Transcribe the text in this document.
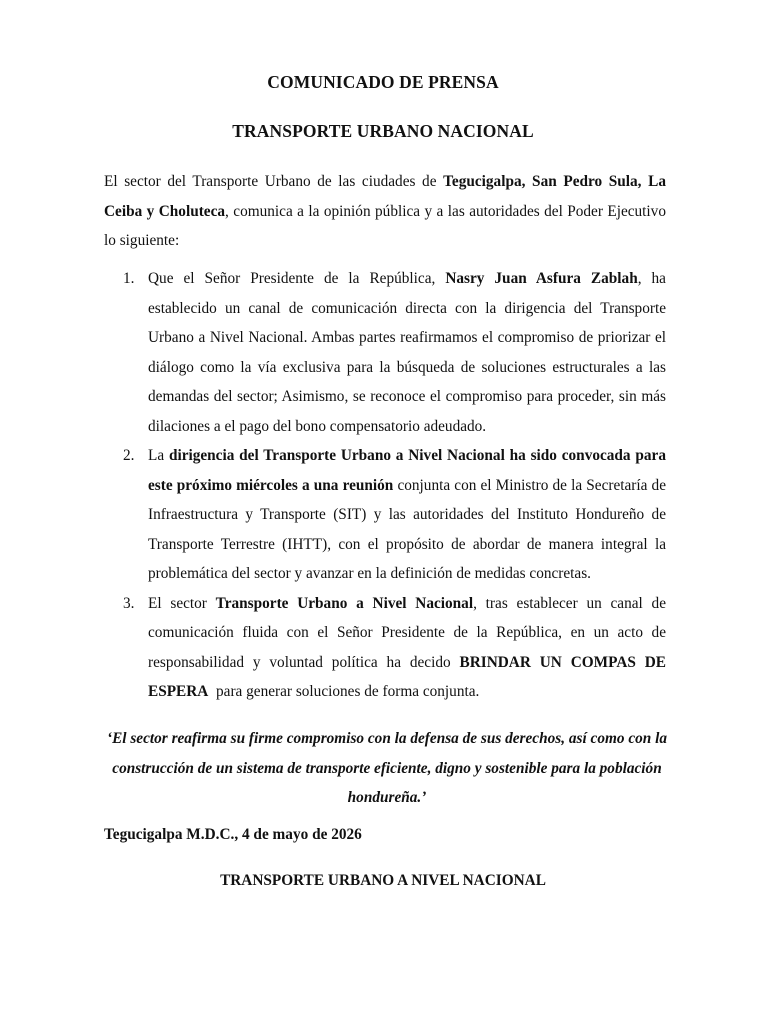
COMUNICADO DE PRENSA
TRANSPORTE URBANO NACIONAL

El sector del Transporte Urbano de las ciudades de Tegucigalpa, San Pedro Sula, La Ceiba y Choluteca, comunica a la opinión pública y a las autoridades del Poder Ejecutivo lo siguiente:

1. Que el Señor Presidente de la República, Nasry Juan Asfura Zablah, ha establecido un canal de comunicación directa con la dirigencia del Transporte Urbano a Nivel Nacional. Ambas partes reafirmamos el compromiso de priorizar el diálogo como la vía exclusiva para la búsqueda de soluciones estructurales a las demandas del sector; Asimismo, se reconoce el compromiso para proceder, sin más dilaciones a el pago del bono compensatorio adeudado.
2. La dirigencia del Transporte Urbano a Nivel Nacional ha sido convocada para este próximo miércoles a una reunión conjunta con el Ministro de la Secretaría de Infraestructura y Transporte (SIT) y las autoridades del Instituto Hondureño de Transporte Terrestre (IHTT), con el propósito de abordar de manera integral la problemática del sector y avanzar en la definición de medidas concretas.
3. El sector Transporte Urbano a Nivel Nacional, tras establecer un canal de comunicación fluida con el Señor Presidente de la República, en un acto de responsabilidad y voluntad política ha decido BRINDAR UN COMPAS DE ESPERA  para generar soluciones de forma conjunta.
‘El sector reafirma su firme compromiso con la defensa de sus derechos, así como con la construcción de un sistema de transporte eficiente, digno y sostenible para la población hondureña.’
Tegucigalpa M.D.C., 4 de mayo de 2026
TRANSPORTE URBANO A NIVEL NACIONAL
